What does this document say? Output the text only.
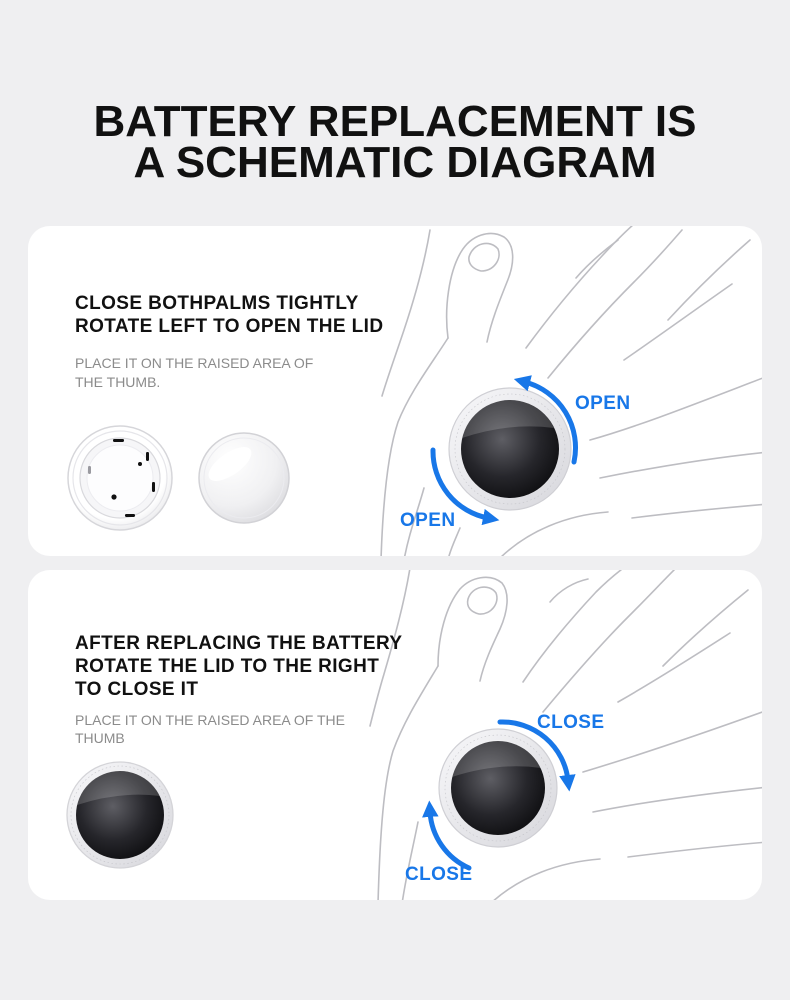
BATTERY REPLACEMENT IS
A SCHEMATIC DIAGRAM
OPEN
OPEN
CLOSE BOTHPALMS TIGHTLY
ROTATE LEFT TO OPEN THE LID
PLACE IT ON THE RAISED AREA OF
THE THUMB.
CLOSE
CLOSE
AFTER REPLACING THE BATTERY
ROTATE THE LID TO THE RIGHT
TO CLOSE IT
PLACE IT ON THE RAISED AREA OF THE
THUMB
